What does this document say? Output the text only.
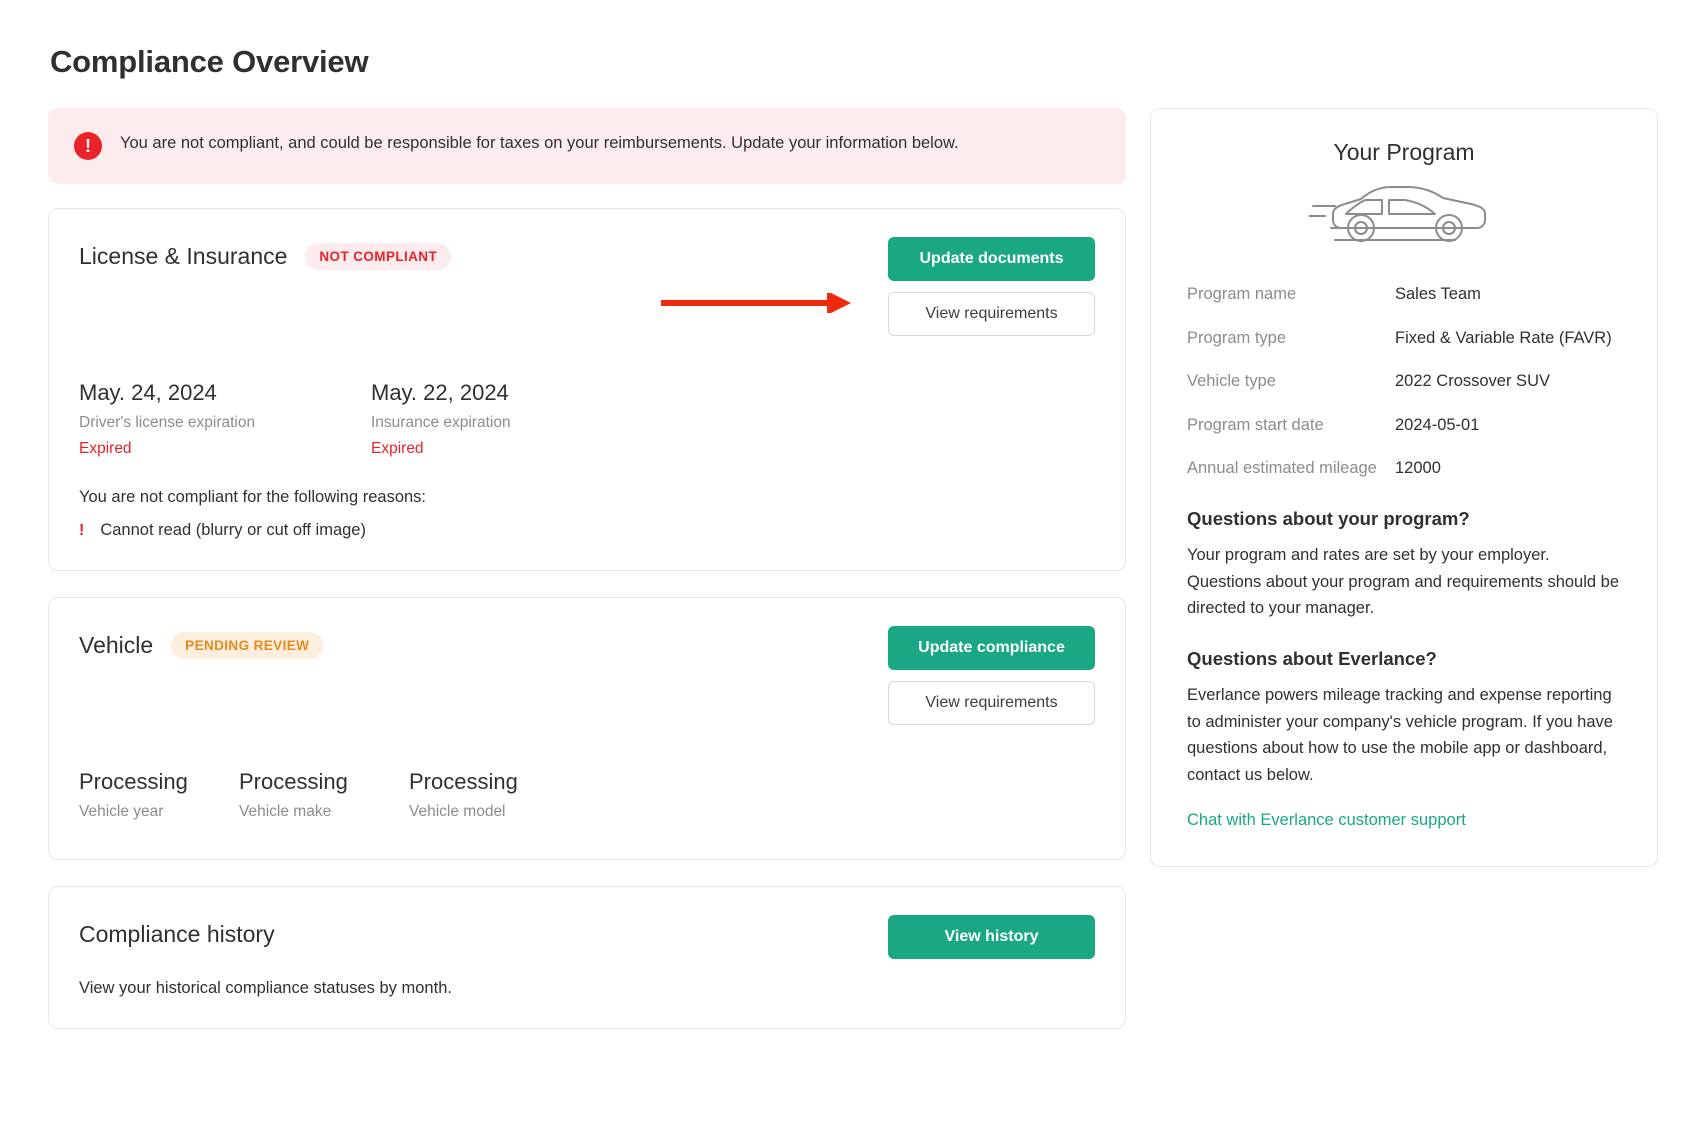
Compliance Overview
!	You are not compliant, and could be responsible for taxes on your reimbursements. Update your information below.
License & Insurance	NOT COMPLIANT	Update documents
View requirements
May. 24, 2024
Driver's license expiration
Expired
May. 22, 2024
Insurance expiration
Expired
You are not compliant for the following reasons:
! Cannot read (blurry or cut off image)
Vehicle	PENDING REVIEW	Update compliance
View requirements
Processing
Vehicle year
Processing
Vehicle make
Processing
Vehicle model
Compliance history	View history
View your historical compliance statuses by month.
Your Program
Program name	Sales Team
Program type	Fixed & Variable Rate (FAVR)
Vehicle type	2022 Crossover SUV
Program start date	2024-05-01
Annual estimated mileage	12000
Questions about your program?

Your program and rates are set by your employer. Questions about your program and requirements should be directed to your manager.

Questions about Everlance?

Everlance powers mileage tracking and expense reporting to administer your company's vehicle program. If you have questions about how to use the mobile app or dashboard, contact us below.

Chat with Everlance customer support
